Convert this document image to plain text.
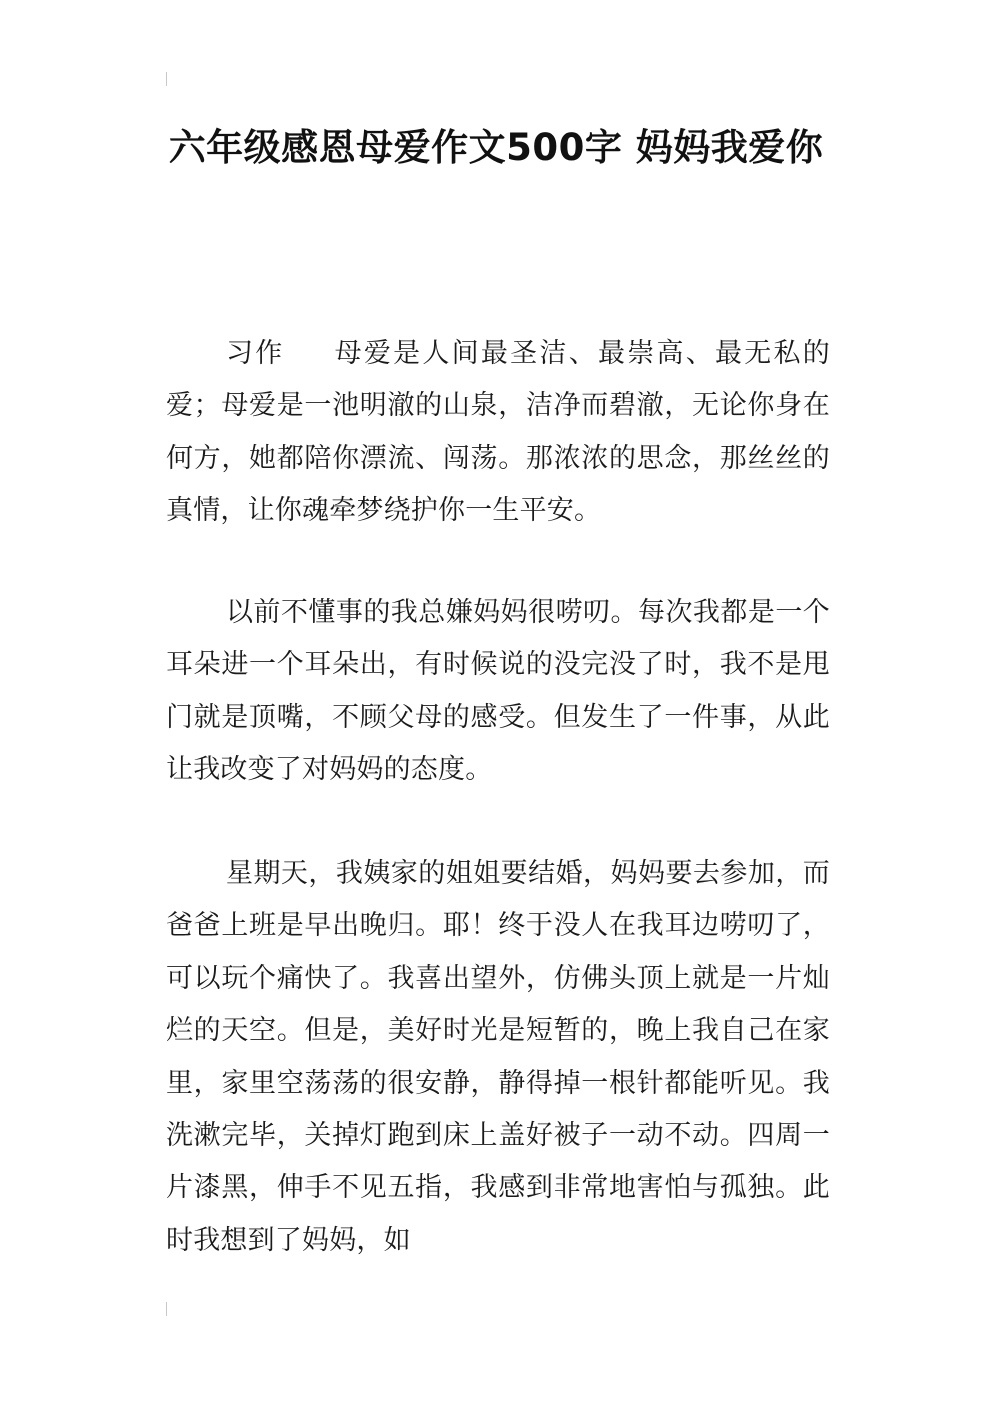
六年级感恩母爱作文500字 妈妈我爱你

习作 母爱是人间最圣洁、最崇高、最无私的爱；母爱是一池明澈的山泉，洁净而碧澈，无论你身在何方，她都陪你漂流、闯荡。那浓浓的思念，那丝丝的真情，让你魂牵梦绕护你一生平安。

以前不懂事的我总嫌妈妈很唠叨。每次我都是一个耳朵进一个耳朵出，有时候说的没完没了时，我不是甩门就是顶嘴，不顾父母的感受。但发生了一件事，从此让我改变了对妈妈的态度。

星期天，我姨家的姐姐要结婚，妈妈要去参加，而爸爸上班是早出晚归。耶！终于没人在我耳边唠叨了，可以玩个痛快了。我喜出望外，仿佛头顶上就是一片灿烂的天空。但是，美好时光是短暂的，晚上我自己在家里，家里空荡荡的很安静，静得掉一根针都能听见。我洗漱完毕，关掉灯跑到床上盖好被子一动不动。四周一片漆黑，伸手不见五指，我感到非常地害怕与孤独。此时我想到了妈妈，如
